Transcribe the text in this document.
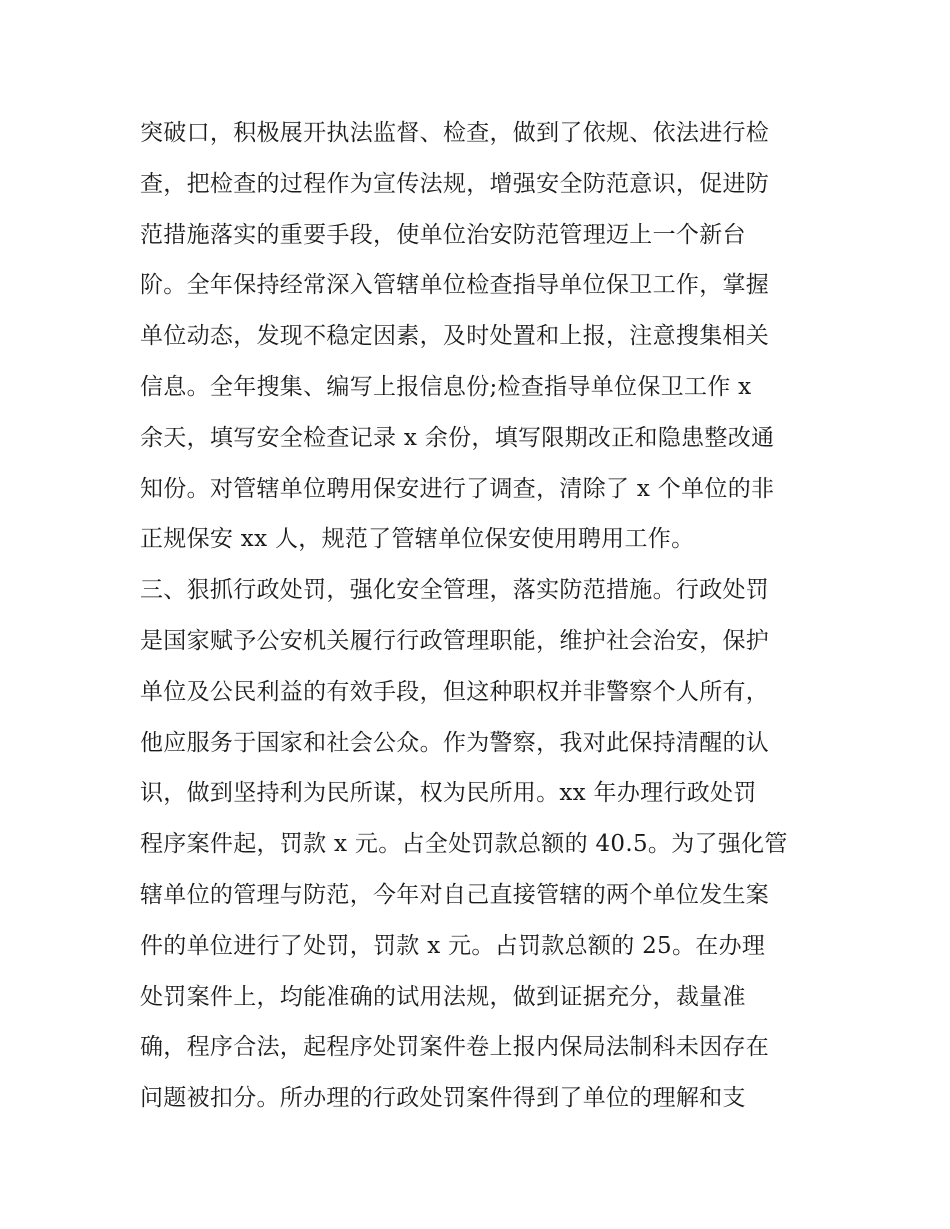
突破口，积极展开执法监督、检查，做到了依规、依法进行检
查，把检查的过程作为宣传法规，增强安全防范意识，促进防
范措施落实的重要手段，使单位治安防范管理迈上一个新台
阶。全年保持经常深入管辖单位检查指导单位保卫工作，掌握
单位动态，发现不稳定因素，及时处置和上报，注意搜集相关
信息。全年搜集、编写上报信息份;检查指导单位保卫工作 x
余天，填写安全检查记录 x 余份，填写限期改正和隐患整改通
知份。对管辖单位聘用保安进行了调查，清除了 x 个单位的非
正规保安 xx 人，规范了管辖单位保安使用聘用工作。
三、狠抓行政处罚，强化安全管理，落实防范措施。行政处罚
是国家赋予公安机关履行行政管理职能，维护社会治安，保护
单位及公民利益的有效手段，但这种职权并非警察个人所有，
他应服务于国家和社会公众。作为警察，我对此保持清醒的认
识，做到坚持利为民所谋，权为民所用。xx 年办理行政处罚
程序案件起，罚款 x 元。占全处罚款总额的 40.5。为了强化管
辖单位的管理与防范，今年对自己直接管辖的两个单位发生案
件的单位进行了处罚，罚款 x 元。占罚款总额的 25。在办理
处罚案件上，均能准确的试用法规，做到证据充分，裁量准
确，程序合法，起程序处罚案件卷上报内保局法制科未因存在
问题被扣分。所办理的行政处罚案件得到了单位的理解和支
